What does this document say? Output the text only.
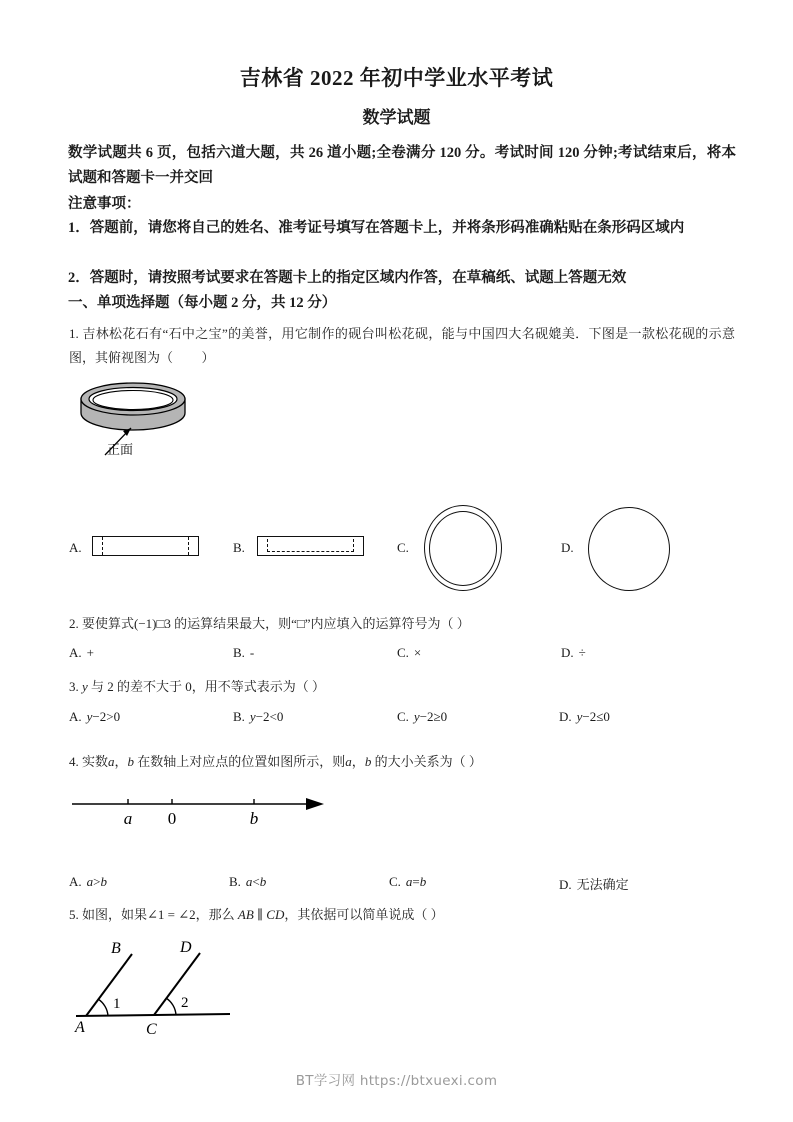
吉林省 2022 年初中学业水平考试
数学试题
数学试题共 6 页，包括六道大题，共 26 道小题;全卷满分 120 分。考试时间 120 分钟;考试结束后，将本试题和答题卡一并交回
注意事项：
1．答题前，请您将自己的姓名、准考证号填写在答题卡上，并将条形码准确粘贴在条形码区域内
2．答题时，请按照考试要求在答题卡上的指定区域内作答，在草稿纸、试题上答题无效
一、单项选择题（每小题 2 分，共 12 分）
1. 吉林松花石有“石中之宝”的美誉，用它制作的砚台叫松花砚，能与中国四大名砚媲美．下图是一款松花砚的示意图，其俯视图为（ ）
正面
A.	B.	C.	D.
2. 要使算式(−1)□3 的运算结果最大，则“□”内应填入的运算符号为（ ）
A. +	B. -	C. ×	D. ÷
3. y 与 2 的差不大于 0，用不等式表示为（ ）
A. y−2>0	B. y−2<0	C. y−2≥0	D. y−2≤0
4. 实数a，b 在数轴上对应点的位置如图所示，则a，b 的大小关系为（ ）
a 0	b
A. a>b	B. a<b	C. a=b	D. 无法确定
5. 如图，如果∠1 = ∠2，那么 AB ∥ CD，其依据可以简单说成（ ）
B	D
A	C
1	2
BT学习网 https://btxuexi.com
